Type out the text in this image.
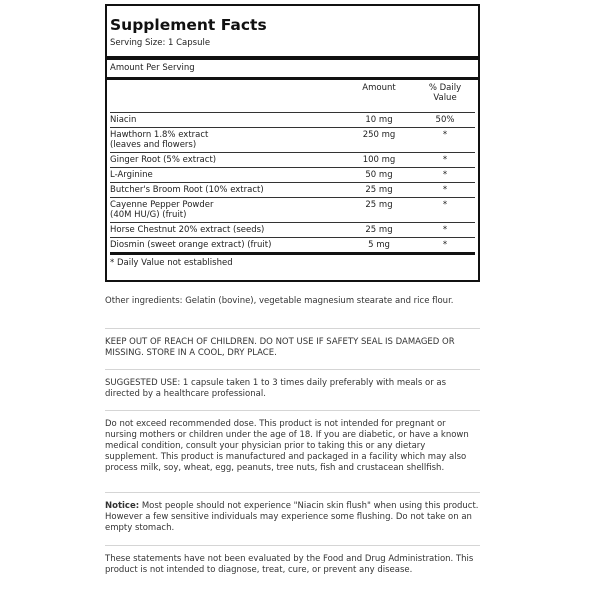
Supplement Facts
Serving Size: 1 Capsule
Amount Per Serving
Amount	% Daily
Value
Niacin	10 mg	50%
Hawthorn 1.8% extract
(leaves and flowers)
250 mg	*
Ginger Root (5% extract)	100 mg	*
L-Arginine	50 mg	*
Butcher's Broom Root (10% extract)	25 mg	*
Cayenne Pepper Powder
(40M HU/G) (fruit)
25 mg	*
Horse Chestnut 20% extract (seeds)	25 mg	*
Diosmin (sweet orange extract) (fruit)	5 mg	*
* Daily Value not established
Other ingredients: Gelatin (bovine), vegetable magnesium stearate and rice flour.
KEEP OUT OF REACH OF CHILDREN. DO NOT USE IF SAFETY SEAL IS DAMAGED OR MISSING. STORE IN A COOL, DRY PLACE.
SUGGESTED USE: 1 capsule taken 1 to 3 times daily preferably with meals or as directed by a healthcare professional.
Do not exceed recommended dose. This product is not intended for pregnant or nursing mothers or children under the age of 18. If you are diabetic, or have a known medical condition, consult your physician prior to taking this or any dietary supplement. This product is manufactured and packaged in a facility which may also process milk, soy, wheat, egg, peanuts, tree nuts, fish and crustacean shellfish.
Notice: Most people should not experience "Niacin skin flush" when using this product. However a few sensitive individuals may experience some flushing. Do not take on an empty stomach.
These statements have not been evaluated by the Food and Drug Administration. This product is not intended to diagnose, treat, cure, or prevent any disease.
